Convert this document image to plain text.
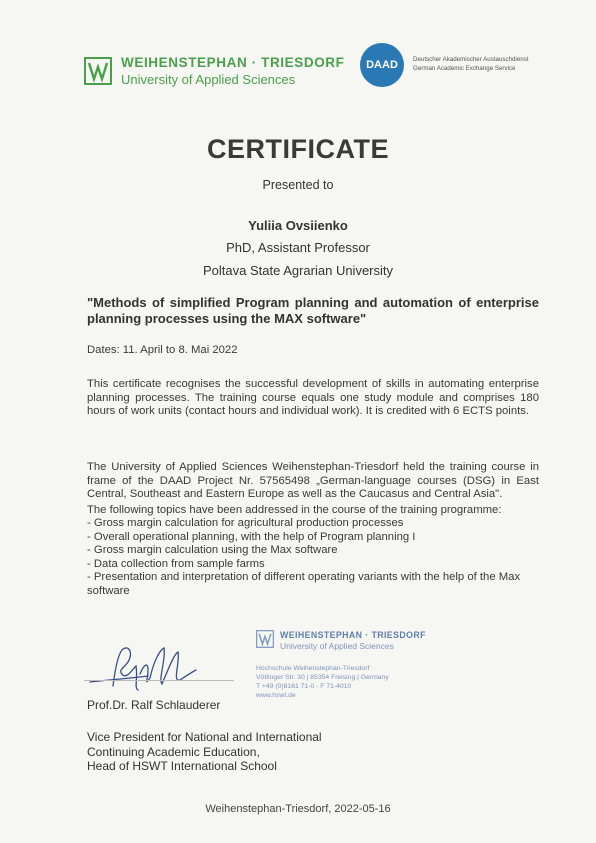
WEIHENSTEPHAN · TRIESDORF
University of Applied Sciences
DAAD Deutscher Akademischer Austauschdienst
German Academic Exchange Service
CERTIFICATE
Presented to
Yuliia Ovsiienko
PhD, Assistant Professor
Poltava State Agrarian University
"Methods of simplified Program planning and automation of enterprise planning processes using the MAX software"
Dates: 11. April to 8. Mai 2022
This certificate recognises the successful development of skills in automating enterprise planning processes. The training course equals one study module and comprises 180 hours of work units (contact hours and individual work). It is credited with 6 ECTS points.
The University of Applied Sciences Weihenstephan-Triesdorf held the training course in frame of the DAAD Project Nr. 57565498 „German-language courses (DSG) in East Central, Southeast and Eastern Europe as well as the Caucasus and Central Asia".
The following topics have been addressed in the course of the training programme:
- Gross margin calculation for agricultural production processes
- Overall operational planning, with the help of Program planning I
- Gross margin calculation using the Max software
- Data collection from sample farms
- Presentation and interpretation of different operating variants with the help of the Max software
Prof.Dr. Ralf Schlauderer
Vice President for National and International
Continuing Academic Education,
Head of HSWT International School
WEIHENSTEPHAN · TRIESDORF
University of Applied Sciences
Hochschule Weihenstephan-Triesdorf
Vöttinger Str. 30 | 85354 Freising | Germany
T +49 (0)8161 71-0 · F 71-4010
www.hswt.de
Weihenstephan-Triesdorf, 2022-05-16
